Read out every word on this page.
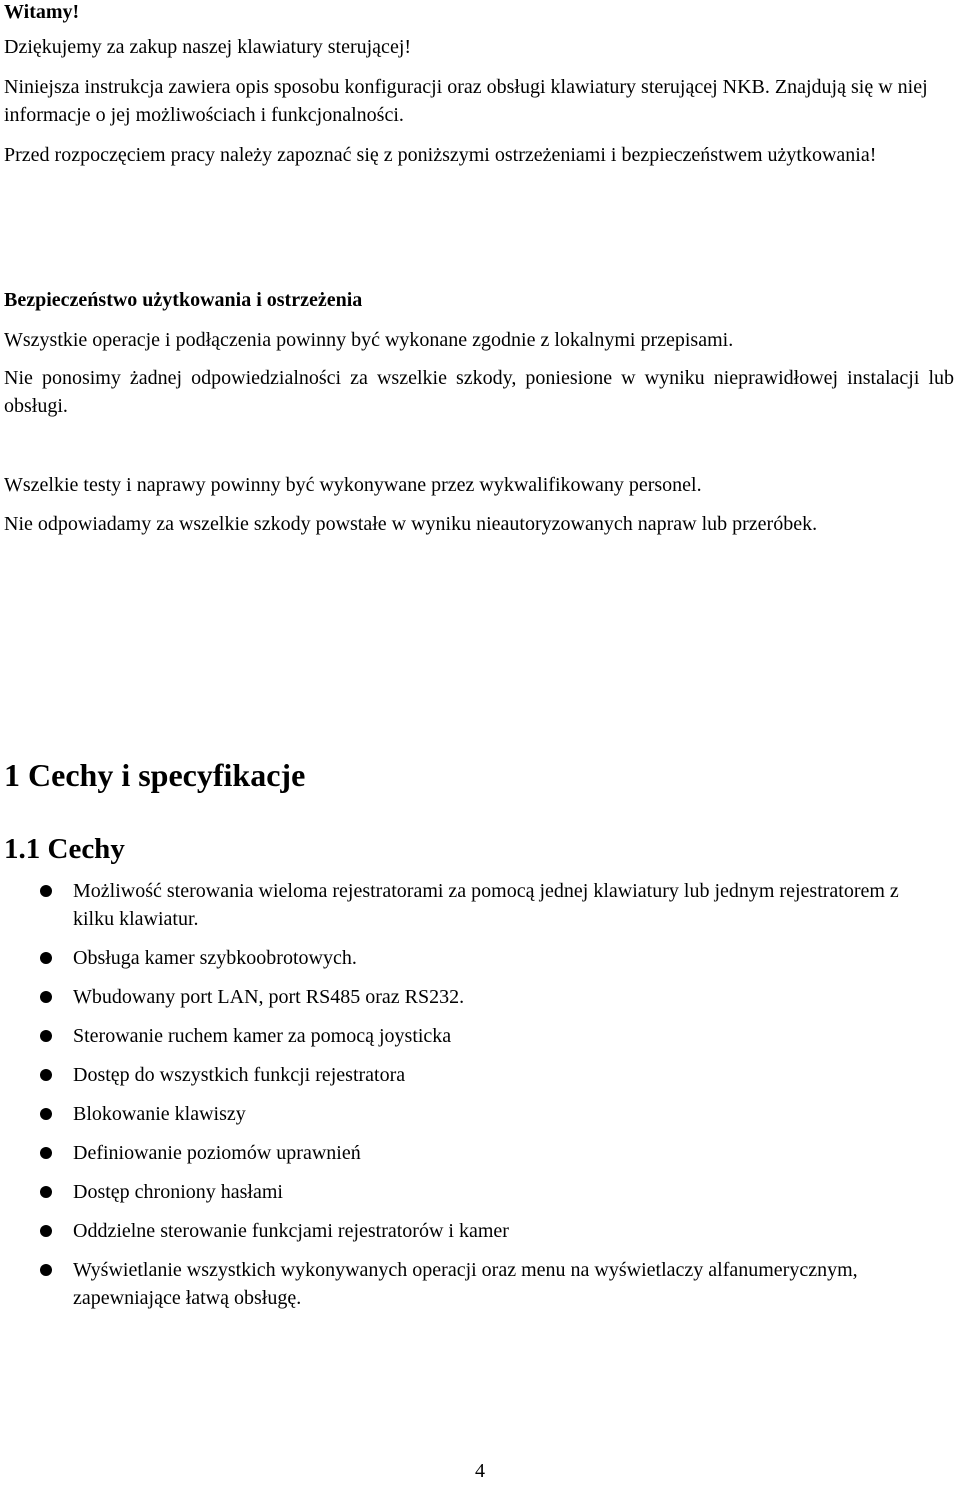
Witamy!

Dziękujemy za zakup naszej klawiatury sterującej!

Niniejsza instrukcja zawiera opis sposobu konfiguracji oraz obsługi klawiatury sterującej NKB. Znajdują się w niej informacje o jej możliwościach i funkcjonalności.

Przed rozpoczęciem pracy należy zapoznać się z poniższymi ostrzeżeniami i bezpieczeństwem użytkowania!

Bezpieczeństwo użytkowania i ostrzeżenia

Wszystkie operacje i podłączenia powinny być wykonane zgodnie z lokalnymi przepisami.

Nie ponosimy żadnej odpowiedzialności za wszelkie szkody, poniesione w wyniku nieprawidłowej instalacji lub obsługi.

Wszelkie testy i naprawy powinny być wykonywane przez wykwalifikowany personel.

Nie odpowiadamy za wszelkie szkody powstałe w wyniku nieautoryzowanych napraw lub przeróbek.

1 Cechy i specyfikacje
1.1 Cechy
Możliwość sterowania wieloma rejestratorami za pomocą jednej klawiatury lub jednym rejestratorem z kilku klawiatur.
Obsługa kamer szybkoobrotowych.
Wbudowany port LAN, port RS485 oraz RS232.
Sterowanie ruchem kamer za pomocą joysticka
Dostęp do wszystkich funkcji rejestratora
Blokowanie klawiszy
Definiowanie poziomów uprawnień
Dostęp chroniony hasłami
Oddzielne sterowanie funkcjami rejestratorów i kamer
Wyświetlanie wszystkich wykonywanych operacji oraz menu na wyświetlaczy alfanumerycznym, zapewniające łatwą obsługę.

4
